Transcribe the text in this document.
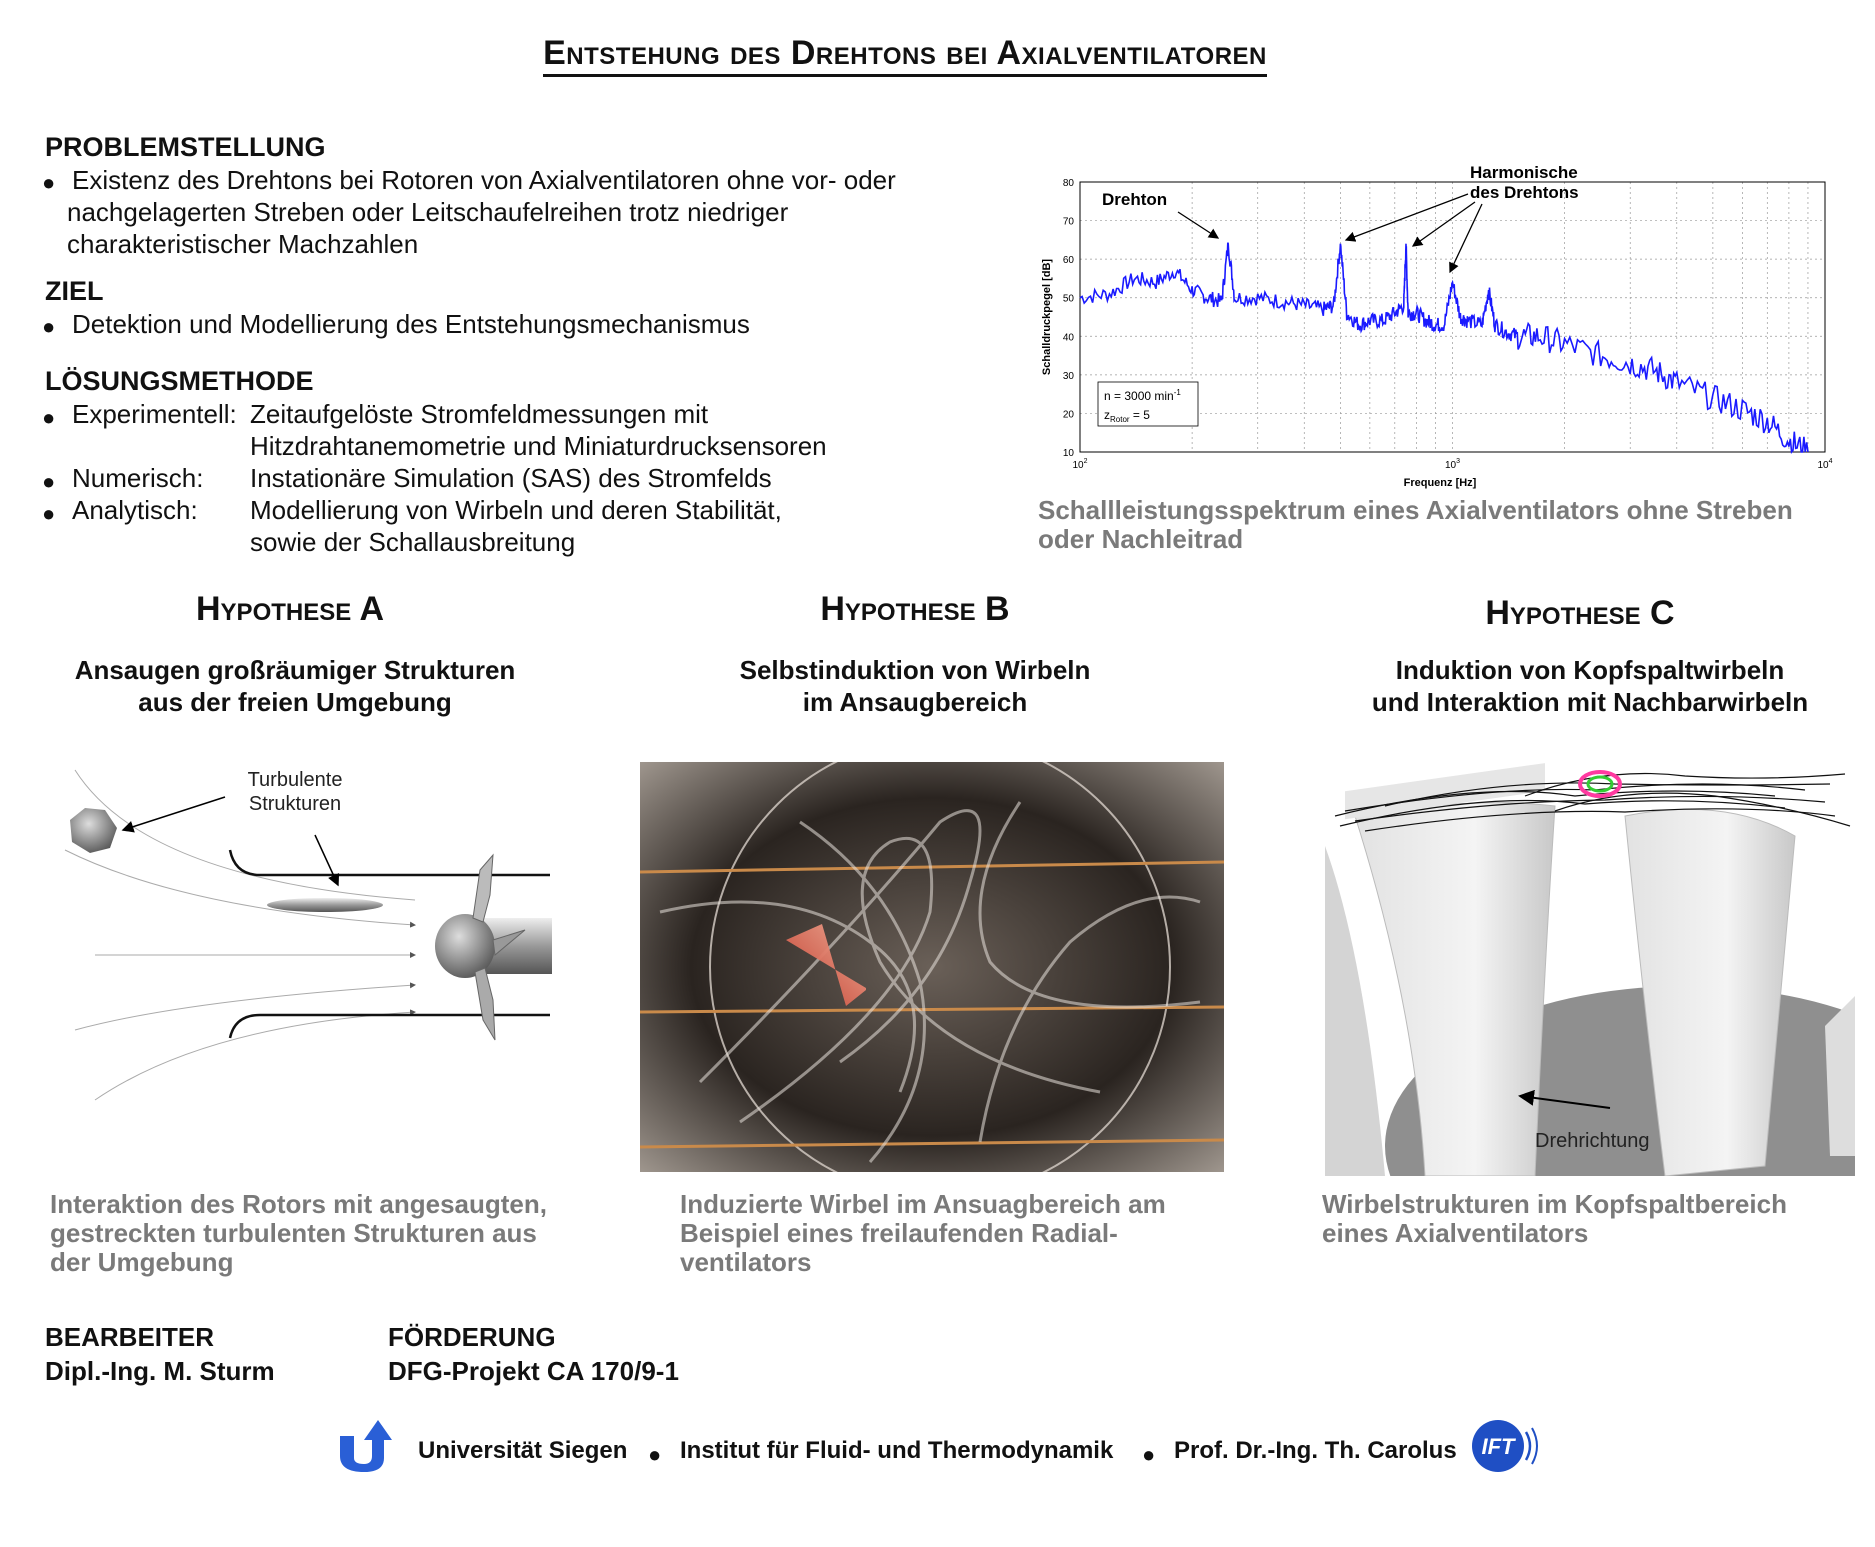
Entstehung des Drehtons bei Axialventilatoren
PROBLEMSTELLUNG
● Existenz des Drehtons bei Rotoren von Axialventilatoren ohne vor- oder
nachgelagerten Streben oder Leitschaufelreihen trotz niedriger
charakteristischer Machzahlen
ZIEL
● Detektion und Modellierung des Entstehungsmechanismus
LÖSUNGSMETHODE
● Experimentell: Zeitaufgelöste Stromfeldmessungen mit
Hitzdrahtanemometrie und Miniaturdrucksensoren
● Numerisch: Instationäre Simulation (SAS) des Stromfelds
● Analytisch: Modellierung von Wirbeln und deren Stabilität,
sowie der Schallausbreitung
10
20
30
40
50
60
70
80
$10^2$	$10^3$	$10^4$
Frequenz [Hz]
Schalldruckpegel [dB]
Drehton
Harmonische
des Drehtons
n = 3000 $\min^{-1}$
$z_{Rotor} = 5$
Schallleistungsspektrum eines Axialventilators ohne Streben
oder Nachleitrad
Hypothese A
Ansaugen großräumiger Strukturen
aus der freien Umgebung
Turbulente
Strukturen
Interaktion des Rotors mit angesaugten,
gestreckten turbulenten Strukturen aus
der Umgebung
Hypothese B
Selbstinduktion von Wirbeln
im Ansaugbereich
Induzierte Wirbel im Ansuagbereich am
Beispiel eines freilaufenden Radial-
ventilators
Hypothese C
Induktion von Kopfspaltwirbeln
und Interaktion mit Nachbarwirbeln
Drehrichtung
Wirbelstrukturen im Kopfspaltbereich
eines Axialventilators
BEARBEITER
Dipl.-Ing. M. Sturm
FÖRDERUNG
DFG-Projekt CA 170/9-1
Universität Siegen ● Institut für Fluid- und Thermodynamik ● Prof. Dr.-Ing. Th. Carolus IFT
